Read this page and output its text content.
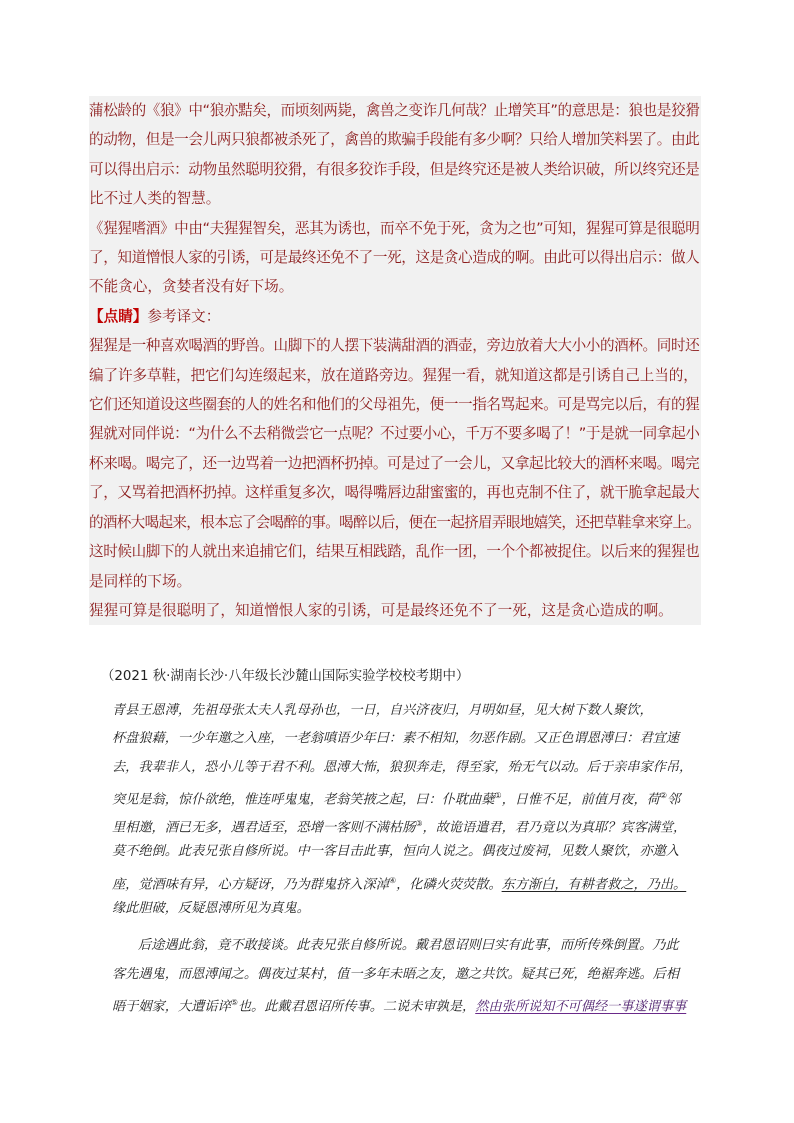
蒲松龄的《狼》中“狼亦黠矣，而顷刻两毙，禽兽之变诈几何哉？止增笑耳”的意思是：狼也是狡猾

的动物，但是一会儿两只狼都被杀死了，禽兽的欺骗手段能有多少啊？只给人增加笑料罢了。由此

可以得出启示：动物虽然聪明狡猾，有很多狡诈手段，但是终究还是被人类给识破，所以终究还是

比不过人类的智慧。

《猩猩嗜酒》中由“夫猩猩智矣，恶其为诱也，而卒不免于死，贪为之也”可知，猩猩可算是很聪明

了，知道憎恨人家的引诱，可是最终还免不了一死，这是贪心造成的啊。由此可以得出启示：做人

不能贪心，贪婪者没有好下场。

【点睛】参考译文：

猩猩是一种喜欢喝酒的野兽。山脚下的人摆下装满甜酒的酒壶，旁边放着大大小小的酒杯。同时还

编了许多草鞋，把它们勾连缀起来，放在道路旁边。猩猩一看，就知道这都是引诱自己上当的，

它们还知道设这些圈套的人的姓名和他们的父母祖先，便一一指名骂起来。可是骂完以后，有的猩

猩就对同伴说：“为什么不去稍微尝它一点呢？不过要小心，千万不要多喝了！”于是就一同拿起小

杯来喝。喝完了，还一边骂着一边把酒杯扔掉。可是过了一会儿，又拿起比较大的酒杯来喝。喝完

了，又骂着把酒杯扔掉。这样重复多次，喝得嘴唇边甜蜜蜜的，再也克制不住了，就干脆拿起最大

的酒杯大喝起来，根本忘了会喝醉的事。喝醉以后，便在一起挤眉弄眼地嬉笑，还把草鞋拿来穿上。

这时候山脚下的人就出来追捕它们，结果互相践踏，乱作一团，一个个都被捉住。以后来的猩猩也

是同样的下场。

猩猩可算是很聪明了，知道憎恨人家的引诱，可是最终还免不了一死，这是贪心造成的啊。

（2021 秋·湖南长沙·八年级长沙麓山国际实验学校校考期中）
青县王恩溥，先祖母张太夫人乳母孙也，一日，自兴济夜归，月明如昼，见大树下数人聚饮，
杯盘狼藉，一少年邀之入座，一老翁嗔语少年曰：素不相知，勿恶作剧。又正色谓恩溥曰：君宜速
去，我辈非人，恐小儿等于君不利。恩溥大怖，狼狈奔走，得至家，殆无气以动。后于亲串家作吊，
突见是翁，惊仆欲绝，惟连呼鬼鬼，老翁笑掖之起，曰：仆耽曲蘖①，日惟不足，前值月夜，荷②邻
里相邀，酒已无多，遇君适至，恐增一客则不满枯肠③，故诡语遣君，君乃竟以为真耶？宾客满堂，
莫不绝倒。此表兄张自修所说。中一客目击此事，恒向人说之。偶夜过废祠，见数人聚饮，亦邀入
座，觉酒味有异，心方疑讶，乃为群鬼挤入深淖④，化磷火荧荧散。东方渐白，有耕者救之，乃出。
缘此胆破，反疑恩溥所见为真鬼。
后途遇此翁，竟不敢接谈。此表兄张自修所说。戴君恩诏则曰实有此事，而所传殊倒置。乃此
客先遇鬼，而恩溥闻之。偶夜过某村，值一多年未晤之友，邀之共饮。疑其已死，绝裾奔逃。后相
晤于姻家，大遭诟谇⑤也。此戴君恩诏所传事。二说未审孰是，然由张所说知不可偶经一事遂谓事事
